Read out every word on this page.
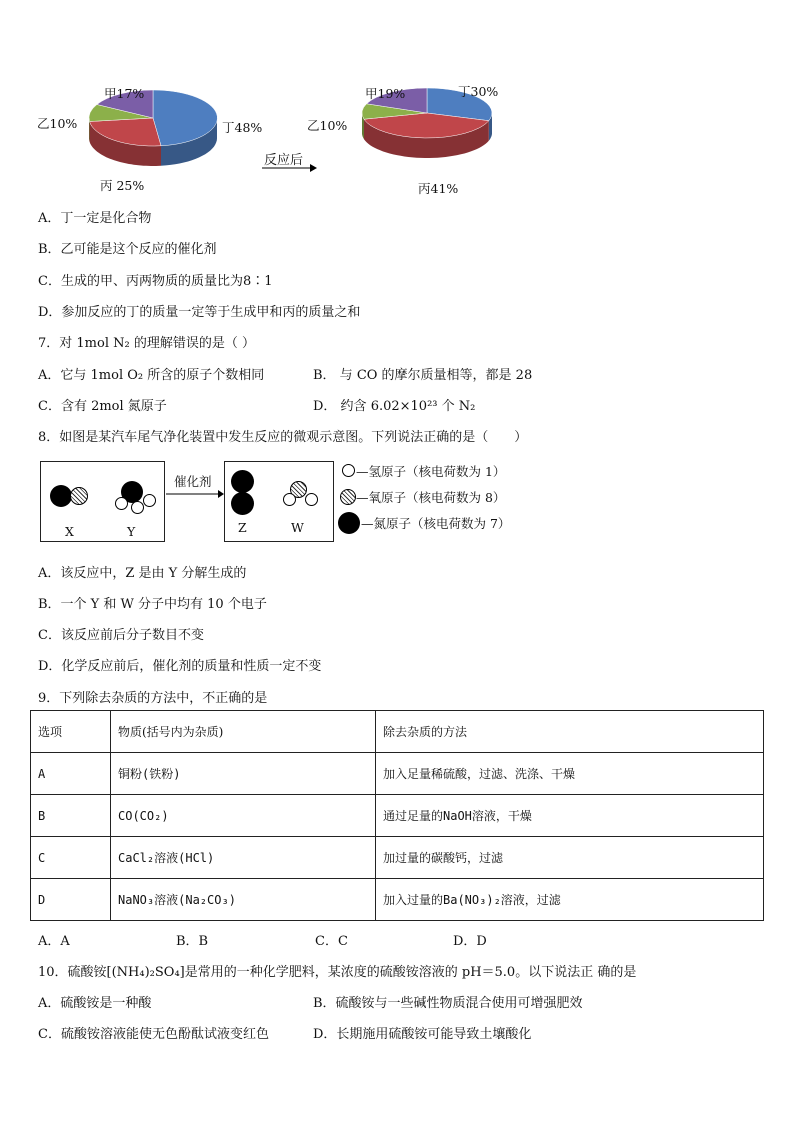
甲17%
乙10%	丁48%
丙 25%
反应后
甲19%	丁30%
乙10%
丙41%
A．丁一定是化合物
B．乙可能是这个反应的催化剂
C．生成的甲、丙两物质的质量比为8∶1
D．参加反应的丁的质量一定等于生成甲和丙的质量之和
7．对 1mol N₂ 的理解错误的是（ ）
A．它与 1mol O₂ 所含的原子个数相同	B． 与 CO 的摩尔质量相等，都是 28
C．含有 2mol 氮原子	D． 约含 6.02×10²³ 个 N₂
8．如图是某汽车尾气净化装置中发生反应的微观示意图。下列说法正确的是（　　）
X	Y
催化剂
Z	W
—氢原子（核电荷数为 1）
—氧原子（核电荷数为 8）
—氮原子（核电荷数为 7）
A．该反应中，Z 是由 Y 分解生成的
B．一个 Y 和 W 分子中均有 10 个电子
C．该反应前后分子数目不变
D．化学反应前后，催化剂的质量和性质一定不变
9．下列除去杂质的方法中，不正确的是
选项	物质(括号内为杂质)	除去杂质的方法
A	铜粉(铁粉)	加入足量稀硫酸，过滤、洗涤、干燥
B	CO(CO₂)	通过足量的NaOH溶液，干燥
C	CaCl₂溶液(HCl)	加过量的碳酸钙，过滤
D	NaNO₃溶液(Na₂CO₃)	加入过量的Ba(NO₃)₂溶液，过滤
A．A	B．B	C．C	D．D
10．硫酸铵[(NH₄)₂SO₄]是常用的一种化学肥料，某浓度的硫酸铵溶液的 pH＝5.0。以下说法正 确的是
A．硫酸铵是一种酸	B．硫酸铵与一些碱性物质混合使用可增强肥效
C．硫酸铵溶液能使无色酚酞试液变红色	D．长期施用硫酸铵可能导致土壤酸化
